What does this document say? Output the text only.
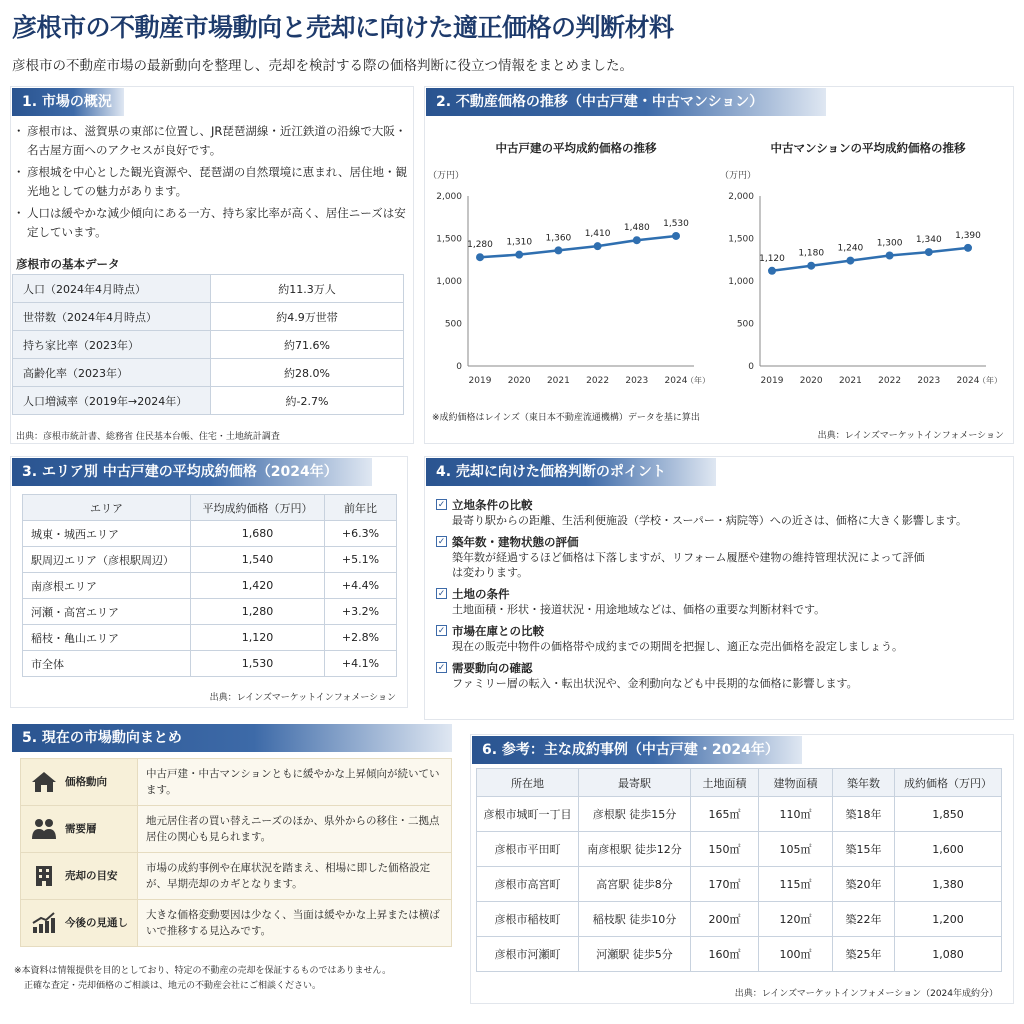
彦根市の不動産市場動向と売却に向けた適正価格の判断材料
彦根市の不動産市場の最新動向を整理し、売却を検討する際の価格判断に役立つ情報をまとめました。
1. 市場の概況
・ 彦根市は、滋賀県の東部に位置し、JR琵琶湖線・近江鉄道の沿線で大阪・名古屋方面へのアクセスが良好です。
・ 彦根城を中心とした観光資源や、琵琶湖の自然環境に恵まれ、居住地・観光地としての魅力があります。
・ 人口は緩やかな減少傾向にある一方、持ち家比率が高く、居住ニーズは安定しています。
彦根市の基本データ
人口（2024年4月時点）	約11.3万人
世帯数（2024年4月時点）	約4.9万世帯
持ち家比率（2023年）	約71.6%
高齢化率（2023年）	約28.0%
人口増減率（2019年→2024年）	約-2.7%
出典：彦根市統計書、総務省 住民基本台帳、住宅・土地統計調査
2. 不動産価格の推移（中古戸建・中古マンション）
中古戸建の平均成約価格の推移
（万円）
0
500
1,000
1,500
2,000
2019 2020 2021 2022 2023 2024
（年）
1,280 1,310 1,360 1,410
1,480 1,530
中古マンションの平均成約価格の推移
（万円）
0
500
1,000
1,500
2,000
2019 2020 2021 2022 2023 2024
（年）
1,120
1,180
1,240
1,300 1,340 1,390
※成約価格はレインズ（東日本不動産流通機構）データを基に算出
出典：レインズマーケットインフォメーション
3. エリア別 中古戸建の平均成約価格（2024年）
エリア	平均成約価格（万円）	前年比
城東・城西エリア	1,680	+6.3%
駅周辺エリア（彦根駅周辺）	1,540	+5.1%
南彦根エリア	1,420	+4.4%
河瀬・高宮エリア	1,280	+3.2%
稲枝・亀山エリア	1,120	+2.8%
市全体	1,530	+4.1%
出典：レインズマーケットインフォメーション
4. 売却に向けた価格判断のポイント
✓ 立地条件の比較
最寄り駅からの距離、生活利便施設（学校・スーパー・病院等）への近さは、価格に大きく影響します。
✓ 築年数・建物状態の評価
築年数が経過するほど価格は下落しますが、リフォーム履歴や建物の維持管理状況によって評価は変わります。
✓ 土地の条件
土地面積・形状・接道状況・用途地域などは、価格の重要な判断材料です。
✓ 市場在庫との比較
現在の販売中物件の価格帯や成約までの期間を把握し、適正な売出価格を設定しましょう。
✓ 需要動向の確認
ファミリー層の転入・転出状況や、金利動向なども中長期的な価格に影響します。
5. 現在の市場動向まとめ
価格動向	中古戸建・中古マンションともに緩やかな上昇傾向が続いています。
需要層	地元居住者の買い替えニーズのほか、県外からの移住・二拠点居住の関心も見られます。
売却の目安	市場の成約事例や在庫状況を踏まえ、相場に即した価格設定が、早期売却のカギとなります。
今後の見通し	大きな価格変動要因は少なく、当面は緩やかな上昇または横ばいで推移する見込みです。
※本資料は情報提供を目的としており、特定の不動産の売却を保証するものではありません。
正確な査定・売却価格のご相談は、地元の不動産会社にご相談ください。
6. 参考：主な成約事例（中古戸建・2024年）
所在地	最寄駅	土地面積	建物面積	築年数	成約価格（万円）
彦根市城町一丁目	彦根駅 徒歩15分	165㎡	110㎡	築18年	1,850
彦根市平田町	南彦根駅 徒歩12分	150㎡	105㎡	築15年	1,600
彦根市高宮町	高宮駅 徒歩8分	170㎡	115㎡	築20年	1,380
彦根市稲枝町	稲枝駅 徒歩10分	200㎡	120㎡	築22年	1,200
彦根市河瀬町	河瀬駅 徒歩5分	160㎡	100㎡	築25年	1,080
出典：レインズマーケットインフォメーション（2024年成約分）
